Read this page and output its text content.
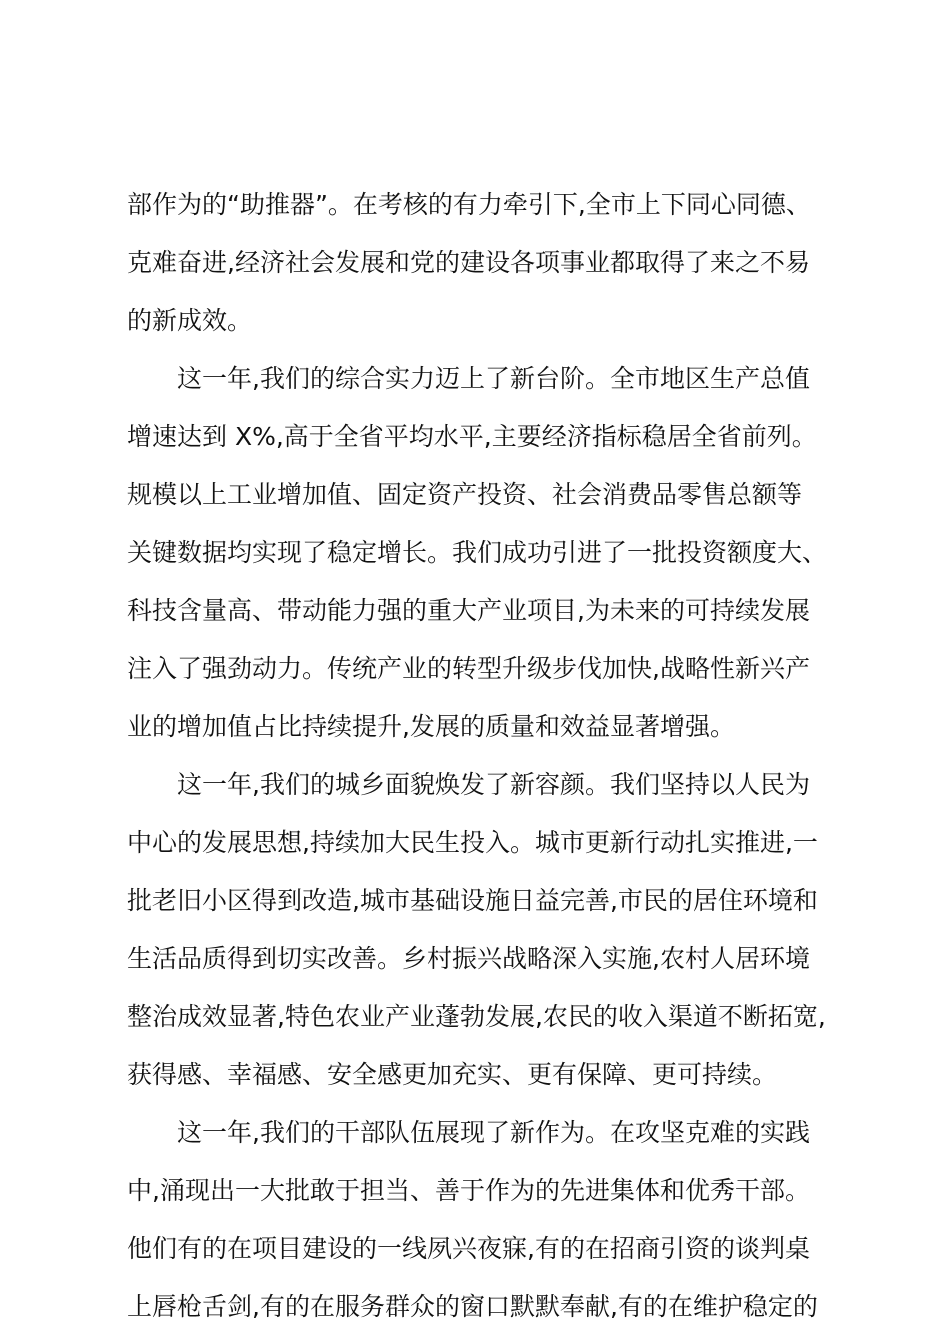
部作为的“助推器”。在考核的有力牵引下,全市上下同心同德、
克难奋进,经济社会发展和党的建设各项事业都取得了来之不易
的新成效。
这一年,我们的综合实力迈上了新台阶。全市地区生产总值
增速达到 X%,高于全省平均水平,主要经济指标稳居全省前列。
规模以上工业增加值、固定资产投资、社会消费品零售总额等
关键数据均实现了稳定增长。我们成功引进了一批投资额度大、
科技含量高、带动能力强的重大产业项目,为未来的可持续发展
注入了强劲动力。传统产业的转型升级步伐加快,战略性新兴产
业的增加值占比持续提升,发展的质量和效益显著增强。
这一年,我们的城乡面貌焕发了新容颜。我们坚持以人民为
中心的发展思想,持续加大民生投入。城市更新行动扎实推进,一
批老旧小区得到改造,城市基础设施日益完善,市民的居住环境和
生活品质得到切实改善。乡村振兴战略深入实施,农村人居环境
整治成效显著,特色农业产业蓬勃发展,农民的收入渠道不断拓宽,
获得感、幸福感、安全感更加充实、更有保障、更可持续。
这一年,我们的干部队伍展现了新作为。在攻坚克难的实践
中,涌现出一大批敢于担当、善于作为的先进集体和优秀干部。
他们有的在项目建设的一线夙兴夜寐,有的在招商引资的谈判桌
上唇枪舌剑,有的在服务群众的窗口默默奉献,有的在维护稳定的
